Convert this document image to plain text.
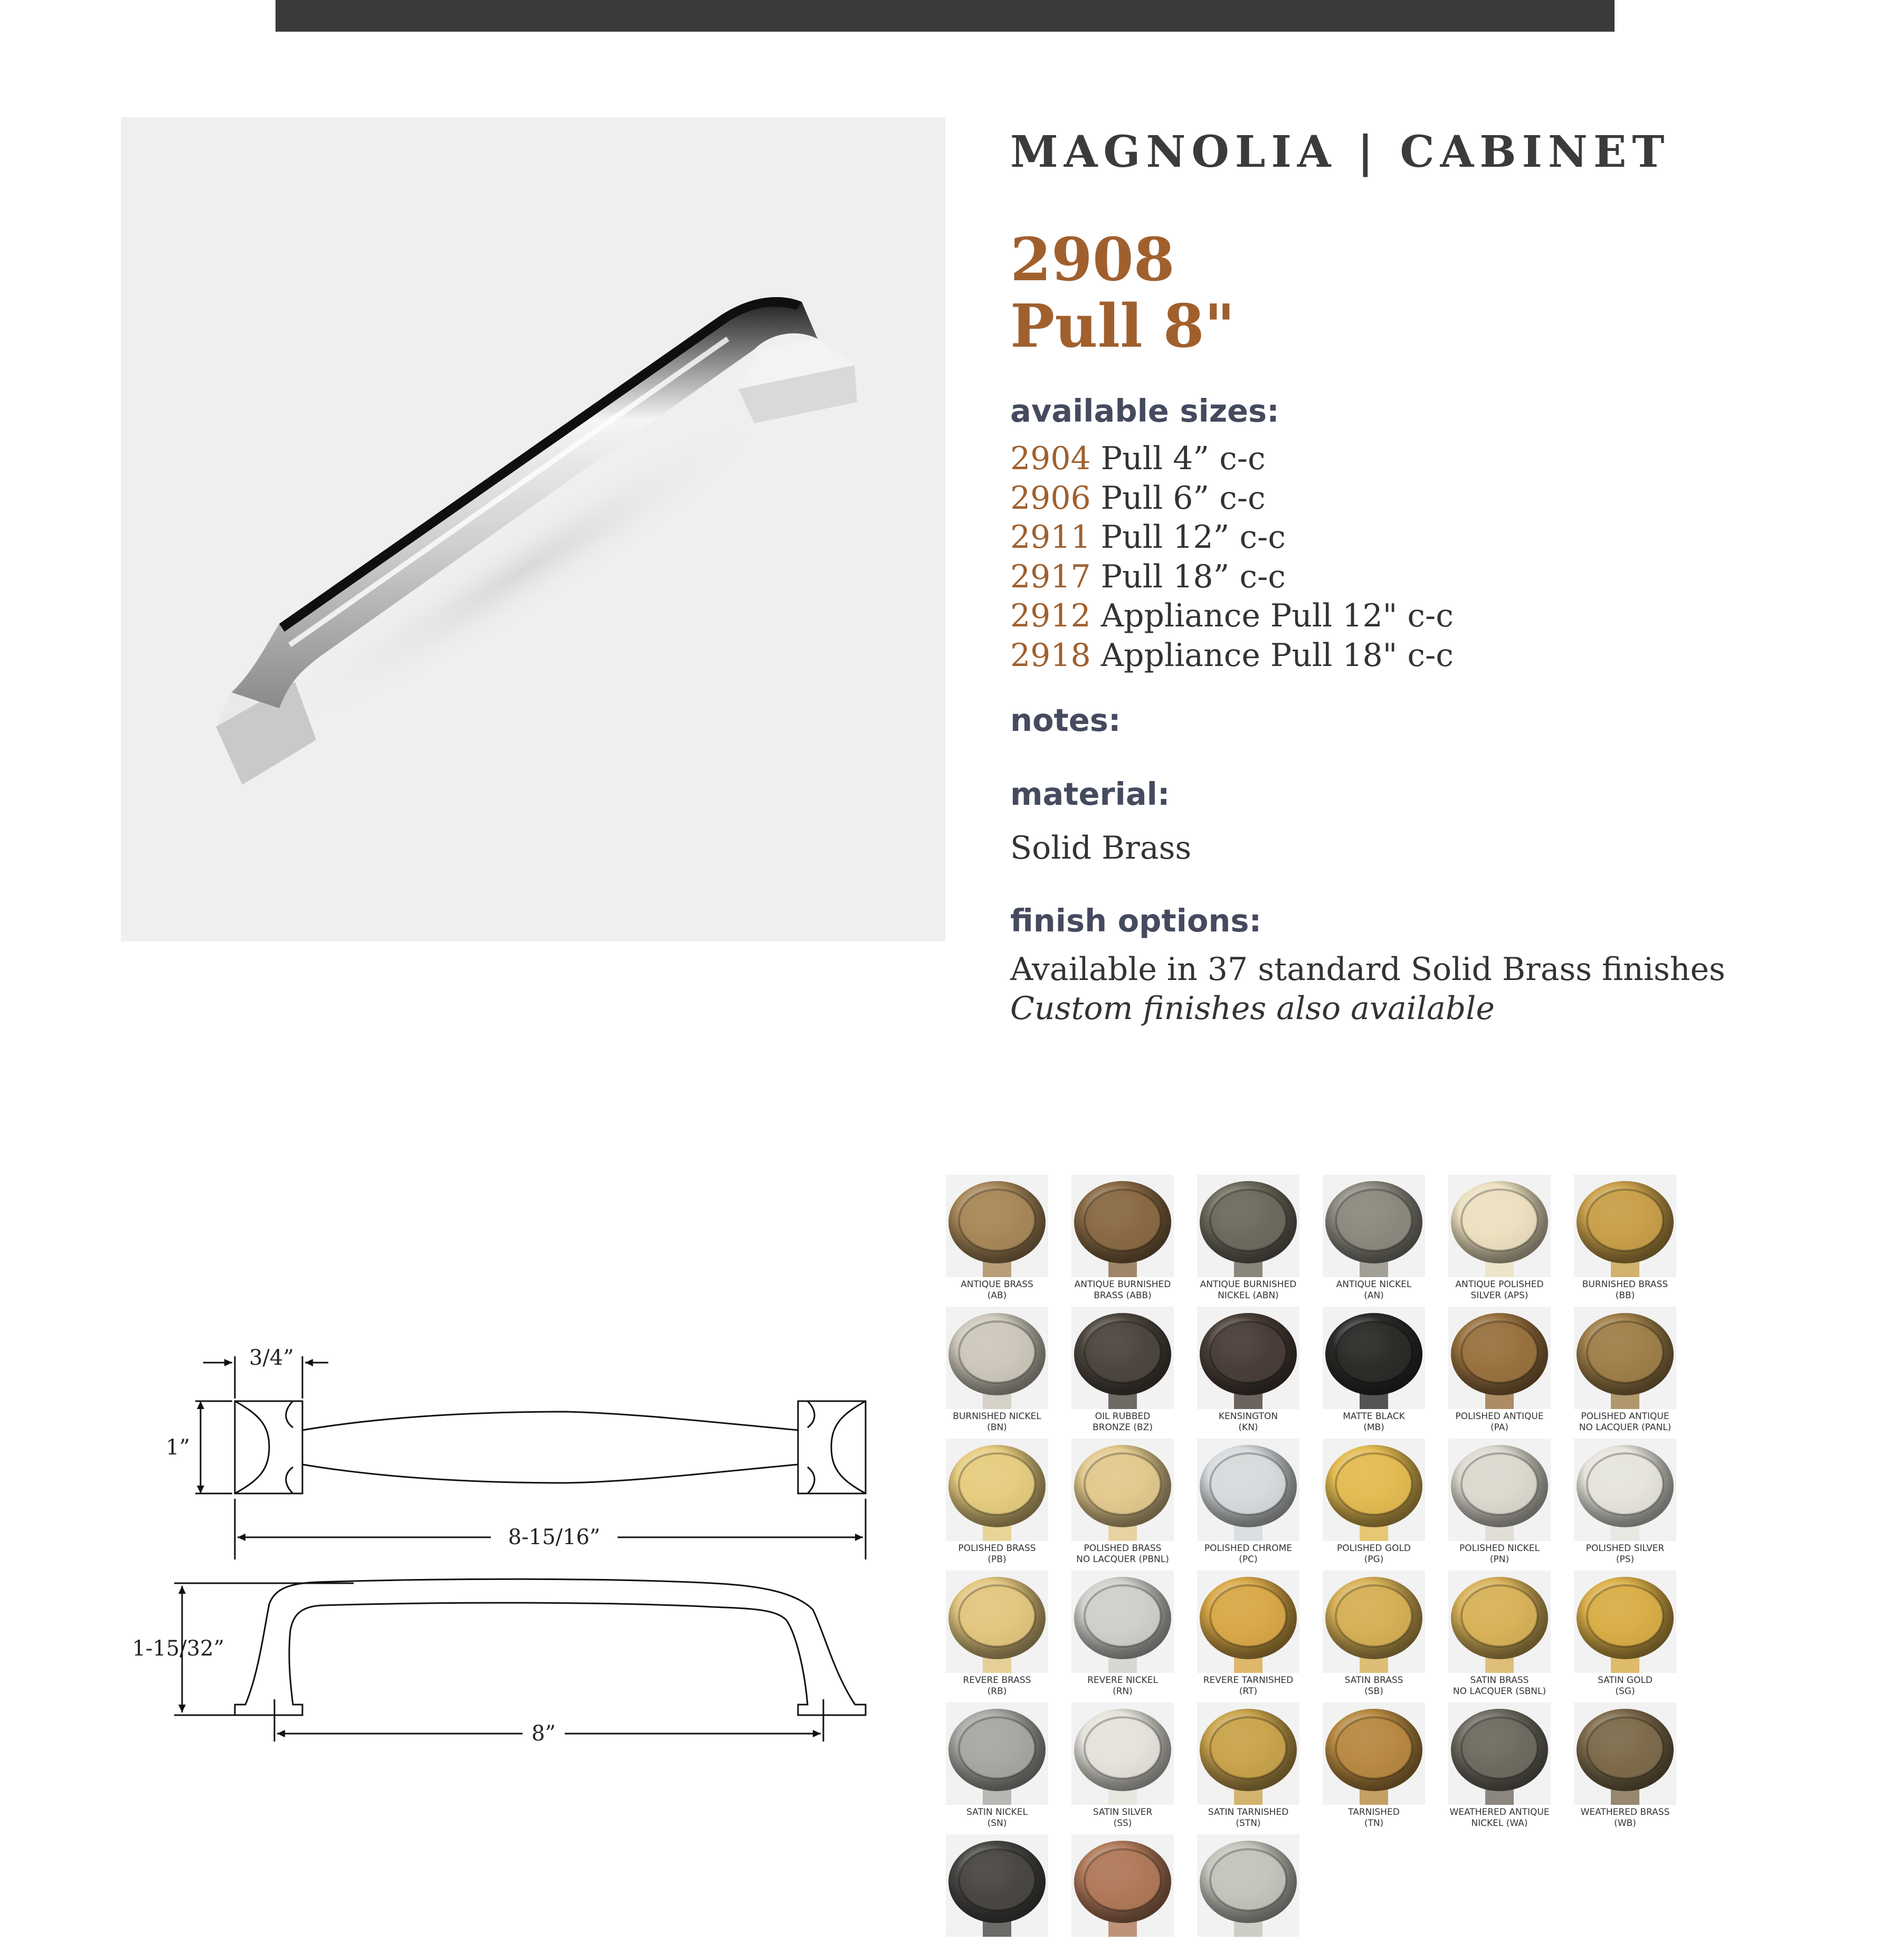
MAGNOLIA | CABINET
2908
Pull 8"
available sizes:
2904 Pull 4” c-c
2906 Pull 6” c-c
2911 Pull 12” c-c
2917 Pull 18” c-c
2912 Appliance Pull 12" c-c
2918 Appliance Pull 18" c-c
notes:
material:
Solid Brass
finish options:
Available in 37 standard Solid Brass finishes
Custom finishes also available
3/4”
1”
8-15/16”
1-15/32”
8”
ANTIQUE BRASS
(AB)
ANTIQUE BURNISHED
BRASS (ABB)
ANTIQUE BURNISHED
NICKEL (ABN)
ANTIQUE NICKEL
(AN)
ANTIQUE POLISHED
SILVER (APS)
BURNISHED BRASS
(BB)
BURNISHED NICKEL
(BN)
OIL RUBBED
BRONZE (BZ)
KENSINGTON
(KN)
MATTE BLACK
(MB)
POLISHED ANTIQUE
(PA)
POLISHED ANTIQUE
NO LACQUER (PANL)
POLISHED BRASS
(PB)
POLISHED BRASS
NO LACQUER (PBNL)
POLISHED CHROME
(PC)
POLISHED GOLD
(PG)
POLISHED NICKEL
(PN)
POLISHED SILVER
(PS)
REVERE BRASS
(RB)
REVERE NICKEL
(RN)
REVERE TARNISHED
(RT)
SATIN BRASS
(SB)
SATIN BRASS
NO LACQUER (SBNL)
SATIN GOLD
(SG)
SATIN NICKEL
(SN)
SATIN SILVER
(SS)
SATIN TARNISHED
(STN)
TARNISHED
(TN)
WEATHERED ANTIQUE
NICKEL (WA)
WEATHERED BRASS
(WB)
